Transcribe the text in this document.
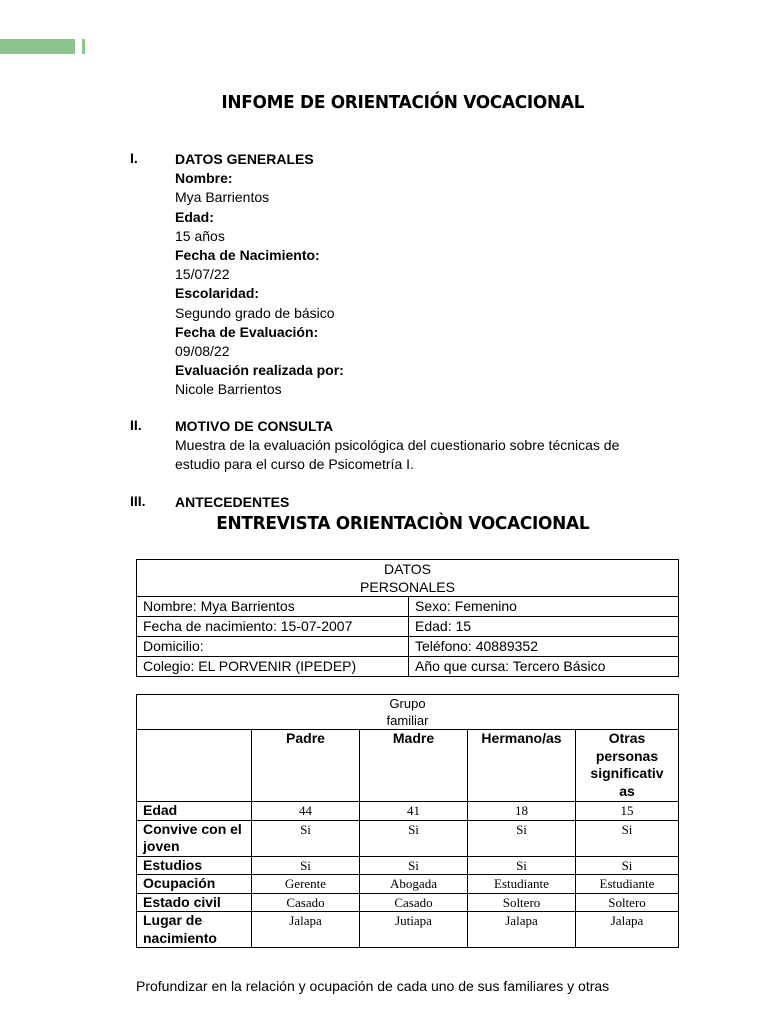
INFOME DE ORIENTACIÓN VOCACIONAL
I.	DATOS GENERALES
Nombre:
Mya Barrientos
Edad:
15 años
Fecha de Nacimiento:
15/07/22
Escolaridad:
Segundo grado de básico
Fecha de Evaluación:
09/08/22
Evaluación realizada por:
Nicole Barrientos
II. MOTIVO DE CONSULTA
Muestra de la evaluación psicológica del cuestionario sobre técnicas de
estudio para el curso de Psicometría I.
III. ANTECEDENTES
ENTREVISTA ORIENTACIÒN VOCACIONAL
DATOS
PERSONALES	

Nombre: Mya Barrientos	Sexo: Femenino
Fecha de nacimiento: 15-07-2007	Edad: 15
Domicilio:	Teléfono: 40889352
Colegio: EL PORVENIR (IPEDEP)	Año que cursa: Tercero Básico
Grupo
familiar				

	Padre	Madre	Hermano/as	Otras
personas
significativ
as

Edad	44	41	18	15

Convive con el
joven	Si	Si	Si	Si
Estudios	Si	Si	Si	Si
Ocupación	Gerente	Abogada	Estudiante	Estudiante
Estado civil	Casado	Casado	Soltero	Soltero

Lugar de
nacimiento	Jalapa	Jutiapa	Jalapa	Jalapa
Profundizar en la relación y ocupación de cada uno de sus familiares y otras
